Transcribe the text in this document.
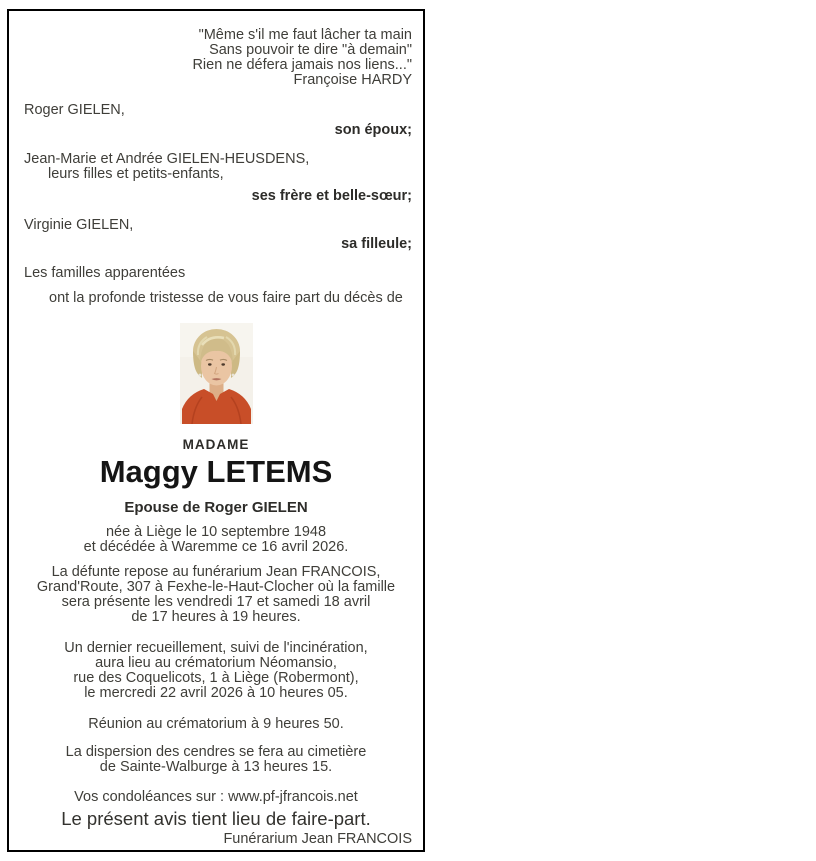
"Même s'il me faut lâcher ta main
Sans pouvoir te dire "à demain"
Rien ne défera jamais nos liens..."
Françoise HARDY
Roger GIELEN,
son époux;
Jean-Marie et Andrée GIELEN-HEUSDENS,
leurs filles et petits-enfants,
ses frère et belle-sœur;
Virginie GIELEN,
sa filleule;
Les familles apparentées
ont la profonde tristesse de vous faire part du décès de
MADAME
Maggy LETEMS
Epouse de Roger GIELEN
née à Liège le 10 septembre 1948
et décédée à Waremme ce 16 avril 2026.
La défunte repose au funérarium Jean FRANCOIS,
Grand'Route, 307 à Fexhe-le-Haut-Clocher où la famille
sera présente les vendredi 17 et samedi 18 avril
de 17 heures à 19 heures.
Un dernier recueillement, suivi de l'incinération,
aura lieu au crématorium Néomansio,
rue des Coquelicots, 1 à Liège (Robermont),
le mercredi 22 avril 2026 à 10 heures 05.
Réunion au crématorium à 9 heures 50.
La dispersion des cendres se fera au cimetière
de Sainte-Walburge à 13 heures 15.
Vos condoléances sur : www.pf-jfrancois.net
Le présent avis tient lieu de faire-part.
Funérarium Jean FRANCOIS
